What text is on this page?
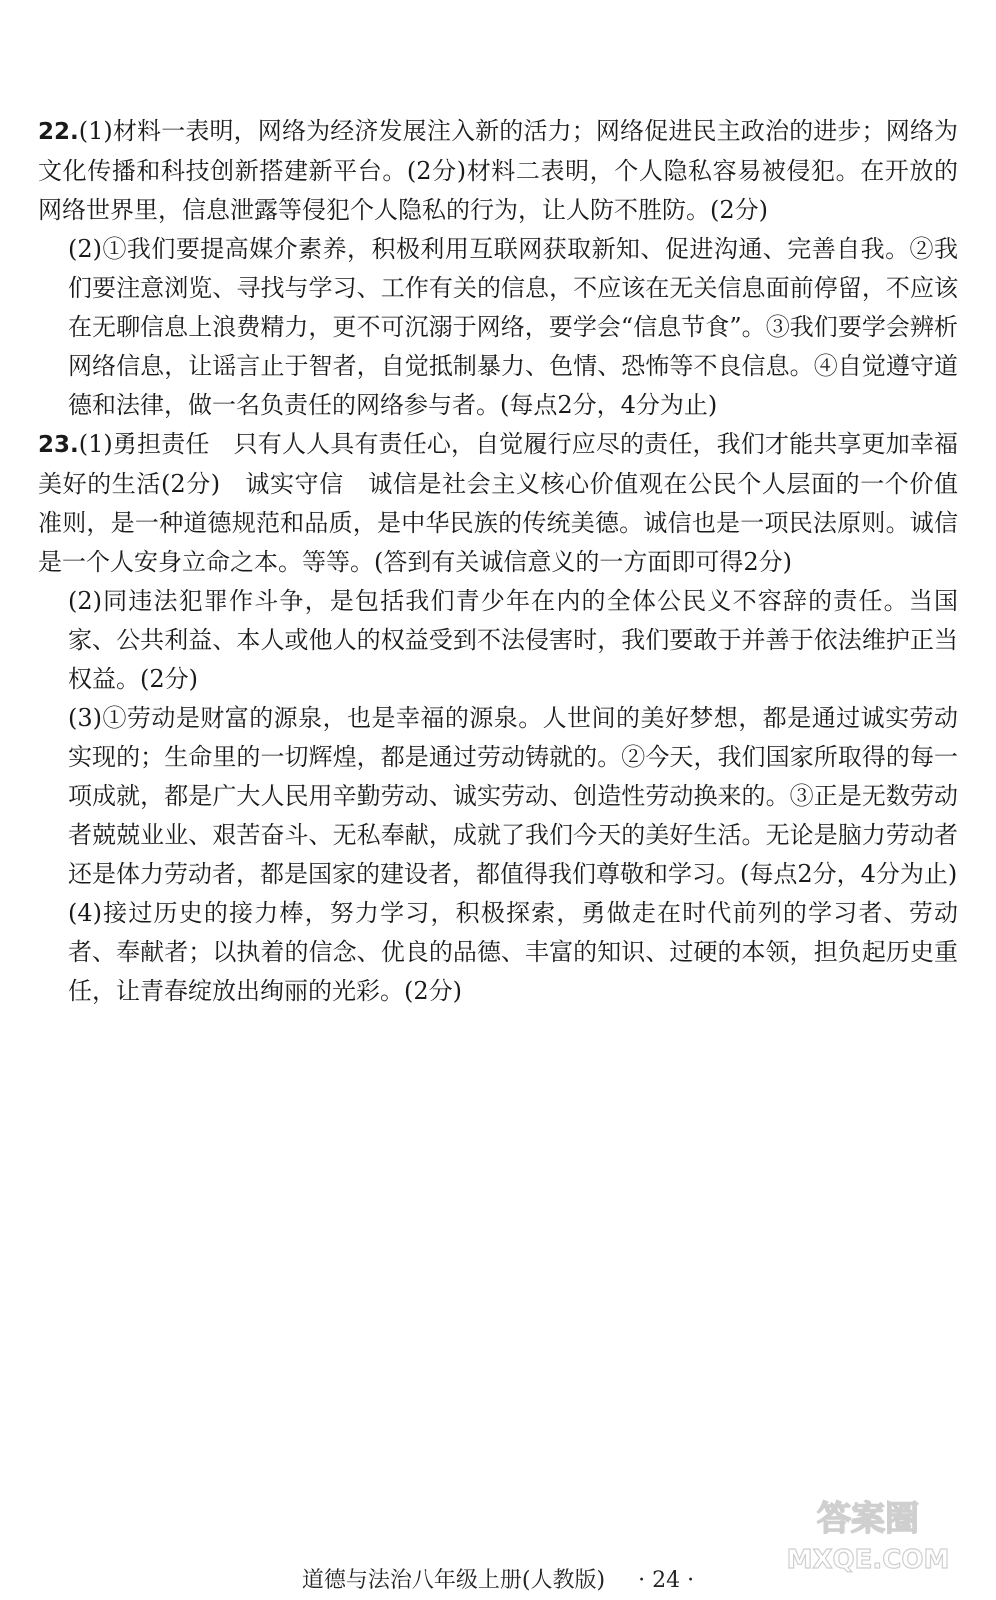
22.(1)材料一表明，网络为经济发展注入新的活力；网络促进民主政治的进步；网络为文化传播和科技创新搭建新平台。(2分)材料二表明，个人隐私容易被侵犯。在开放的网络世界里，信息泄露等侵犯个人隐私的行为，让人防不胜防。(2分)

(2)①我们要提高媒介素养，积极利用互联网获取新知、促进沟通、完善自我。②我们要注意浏览、寻找与学习、工作有关的信息，不应该在无关信息面前停留，不应该在无聊信息上浪费精力，更不可沉溺于网络，要学会“信息节食”。③我们要学会辨析网络信息，让谣言止于智者，自觉抵制暴力、色情、恐怖等不良信息。④自觉遵守道德和法律，做一名负责任的网络参与者。(每点2分，4分为止)

23.(1)勇担责任　只有人人具有责任心，自觉履行应尽的责任，我们才能共享更加幸福美好的生活(2分)　诚实守信　诚信是社会主义核心价值观在公民个人层面的一个价值准则，是一种道德规范和品质，是中华民族的传统美德。诚信也是一项民法原则。诚信是一个人安身立命之本。等等。(答到有关诚信意义的一方面即可得2分)

(2)同违法犯罪作斗争，是包括我们青少年在内的全体公民义不容辞的责任。当国家、公共利益、本人或他人的权益受到不法侵害时，我们要敢于并善于依法维护正当权益。(2分)

(3)①劳动是财富的源泉，也是幸福的源泉。人世间的美好梦想，都是通过诚实劳动实现的；生命里的一切辉煌，都是通过劳动铸就的。②今天，我们国家所取得的每一项成就，都是广大人民用辛勤劳动、诚实劳动、创造性劳动换来的。③正是无数劳动者兢兢业业、艰苦奋斗、无私奉献，成就了我们今天的美好生活。无论是脑力劳动者还是体力劳动者，都是国家的建设者，都值得我们尊敬和学习。(每点2分，4分为止)

(4)接过历史的接力棒，努力学习，积极探索，勇做走在时代前列的学习者、劳动者、奉献者；以执着的信念、优良的品德、丰富的知识、过硬的本领，担负起历史重任，让青春绽放出绚丽的光彩。(2分)

答案圈
MXQE.COM
道德与法治八年级上册(人教版) · 24 ·
